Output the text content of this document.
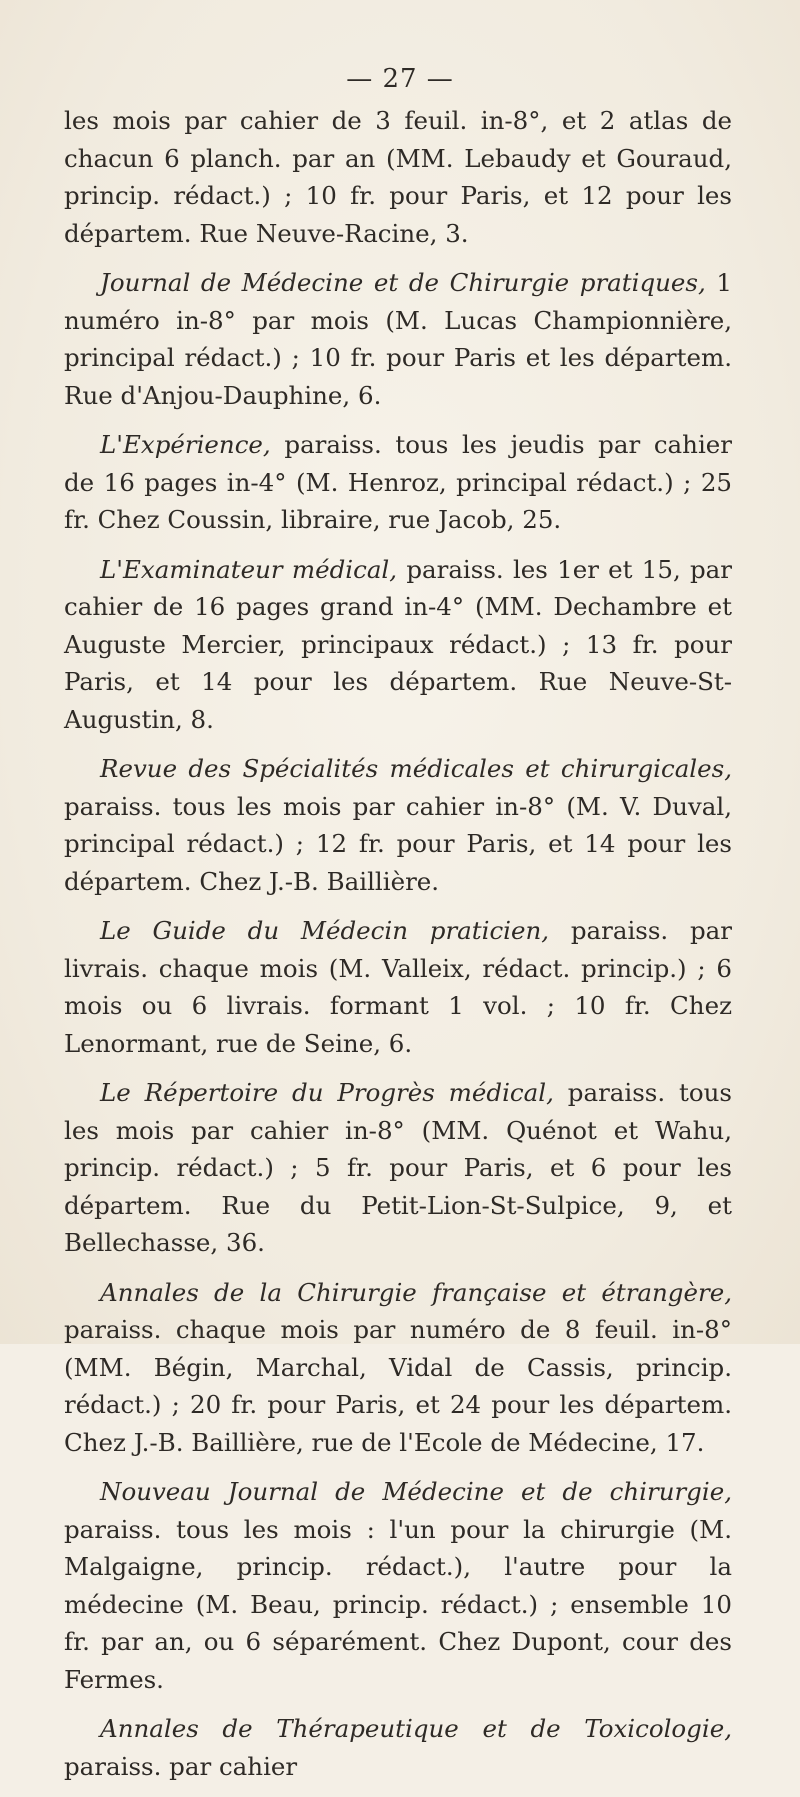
— 27 —

les mois par cahier de 3 feuil. in-8°, et 2 atlas de chacun 6 planch. par an (MM. Lebaudy et Gouraud, princip. rédact.) ; 10 fr. pour Paris, et 12 pour les départem. Rue Neuve-Racine, 3.

Journal de Médecine et de Chirurgie pratiques, 1 numéro in-8° par mois (M. Lucas Championnière, principal rédact.) ; 10 fr. pour Paris et les départem. Rue d'Anjou-Dauphine, 6.

L'Expérience, paraiss. tous les jeudis par cahier de 16 pages in-4° (M. Henroz, principal rédact.) ; 25 fr. Chez Coussin, libraire, rue Jacob, 25.

L'Examinateur médical, paraiss. les 1er et 15, par cahier de 16 pages grand in-4° (MM. Dechambre et Auguste Mercier, principaux rédact.) ; 13 fr. pour Paris, et 14 pour les départem. Rue Neuve-St-Augustin, 8.

Revue des Spécialités médicales et chirurgicales, paraiss. tous les mois par cahier in-8° (M. V. Duval, principal rédact.) ; 12 fr. pour Paris, et 14 pour les départem. Chez J.-B. Baillière.

Le Guide du Médecin praticien, paraiss. par livrais. chaque mois (M. Valleix, rédact. princip.) ; 6 mois ou 6 livrais. formant 1 vol. ; 10 fr. Chez Lenormant, rue de Seine, 6.

Le Répertoire du Progrès médical, paraiss. tous les mois par cahier in-8° (MM. Quénot et Wahu, princip. rédact.) ; 5 fr. pour Paris, et 6 pour les départem. Rue du Petit-Lion-St-Sulpice, 9, et Bellechasse, 36.

Annales de la Chirurgie française et étrangère, paraiss. chaque mois par numéro de 8 feuil. in-8° (MM. Bégin, Marchal, Vidal de Cassis, princip. rédact.) ; 20 fr. pour Paris, et 24 pour les départem. Chez J.-B. Baillière, rue de l'Ecole de Médecine, 17.

Nouveau Journal de Médecine et de chirurgie, paraiss. tous les mois : l'un pour la chirurgie (M. Malgaigne, princip. rédact.), l'autre pour la médecine (M. Beau, princip. rédact.) ; ensemble 10 fr. par an, ou 6 séparément. Chez Dupont, cour des Fermes.

Annales de Thérapeutique et de Toxicologie, paraiss. par cahier
